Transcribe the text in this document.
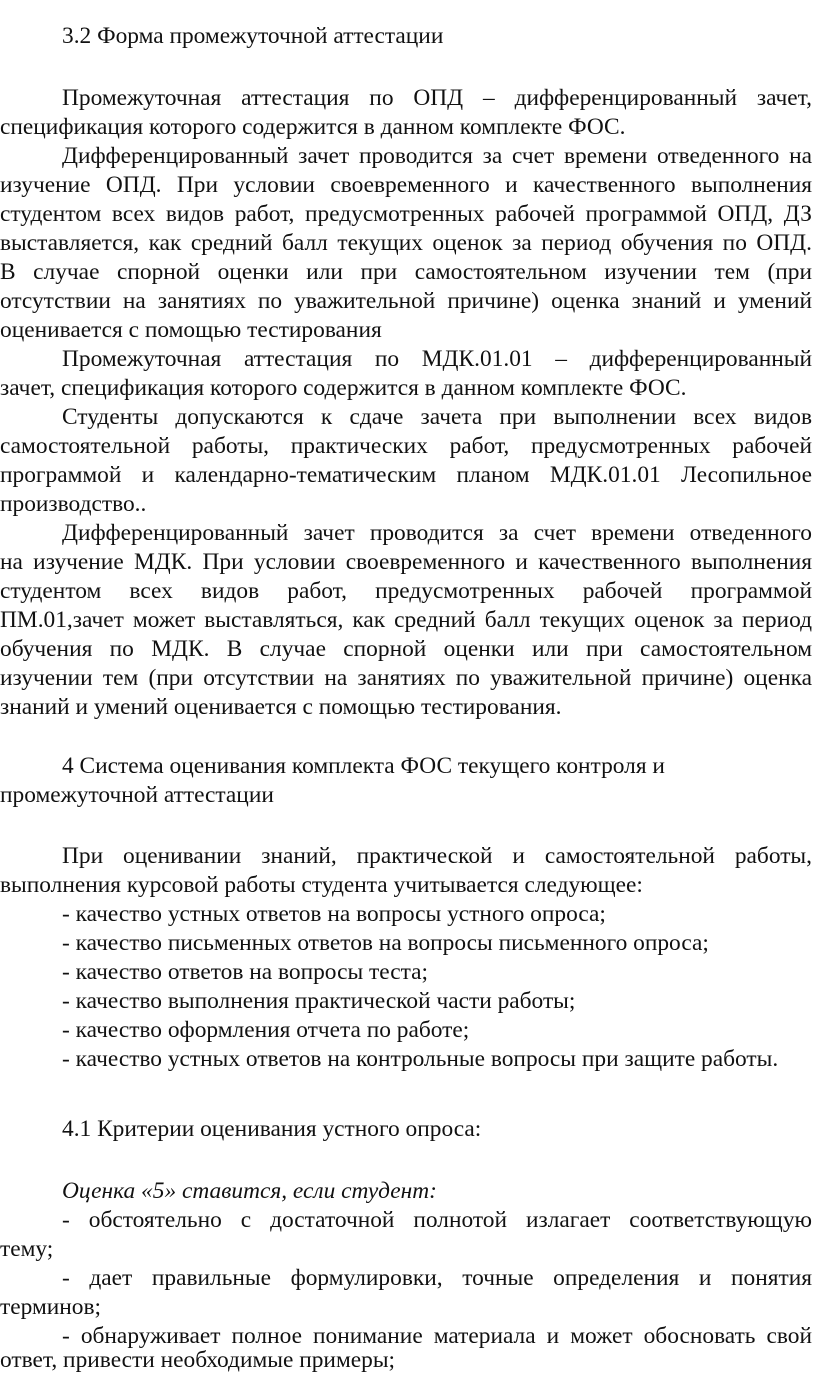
3.2 Форма промежуточной аттестации
Промежуточная аттестация по ОПД – дифференцированный зачет,
спецификация которого содержится в данном комплекте ФОС.
Дифференцированный зачет проводится за счет времени отведенного на
изучение ОПД. При условии своевременного и качественного выполнения
студентом всех видов работ, предусмотренных рабочей программой ОПД, ДЗ
выставляется, как средний балл текущих оценок за период обучения по ОПД.
В случае спорной оценки или при самостоятельном изучении тем (при
отсутствии на занятиях по уважительной причине) оценка знаний и умений
оценивается с помощью тестирования
Промежуточная аттестация по МДК.01.01 – дифференцированный
зачет, спецификация которого содержится в данном комплекте ФОС.
Студенты допускаются к сдаче зачета при выполнении всех видов
самостоятельной работы, практических работ, предусмотренных рабочей
программой и календарно-тематическим планом МДК.01.01 Лесопильное
производство..
Дифференцированный зачет проводится за счет времени отведенного
на изучение МДК. При условии своевременного и качественного выполнения
студентом всех видов работ, предусмотренных рабочей программой
ПМ.01,зачет может выставляться, как средний балл текущих оценок за период
обучения по МДК. В случае спорной оценки или при самостоятельном
изучении тем (при отсутствии на занятиях по уважительной причине) оценка
знаний и умений оценивается с помощью тестирования.
4 Система оценивания комплекта ФОС текущего контроля и
промежуточной аттестации
При оценивании знаний, практической и самостоятельной работы,
выполнения курсовой работы студента учитывается следующее:
- качество устных ответов на вопросы устного опроса;
- качество письменных ответов на вопросы письменного опроса;
- качество ответов на вопросы теста;
- качество выполнения практической части работы;
- качество оформления отчета по работе;
- качество устных ответов на контрольные вопросы при защите работы.
4.1 Критерии оценивания устного опроса:
Оценка «5» ставится, если студент:
- обстоятельно с достаточной полнотой излагает соответствующую
тему;
- дает правильные формулировки, точные определения и понятия
терминов;
- обнаруживает полное понимание материала и может обосновать свой
ответ, привести необходимые примеры;
